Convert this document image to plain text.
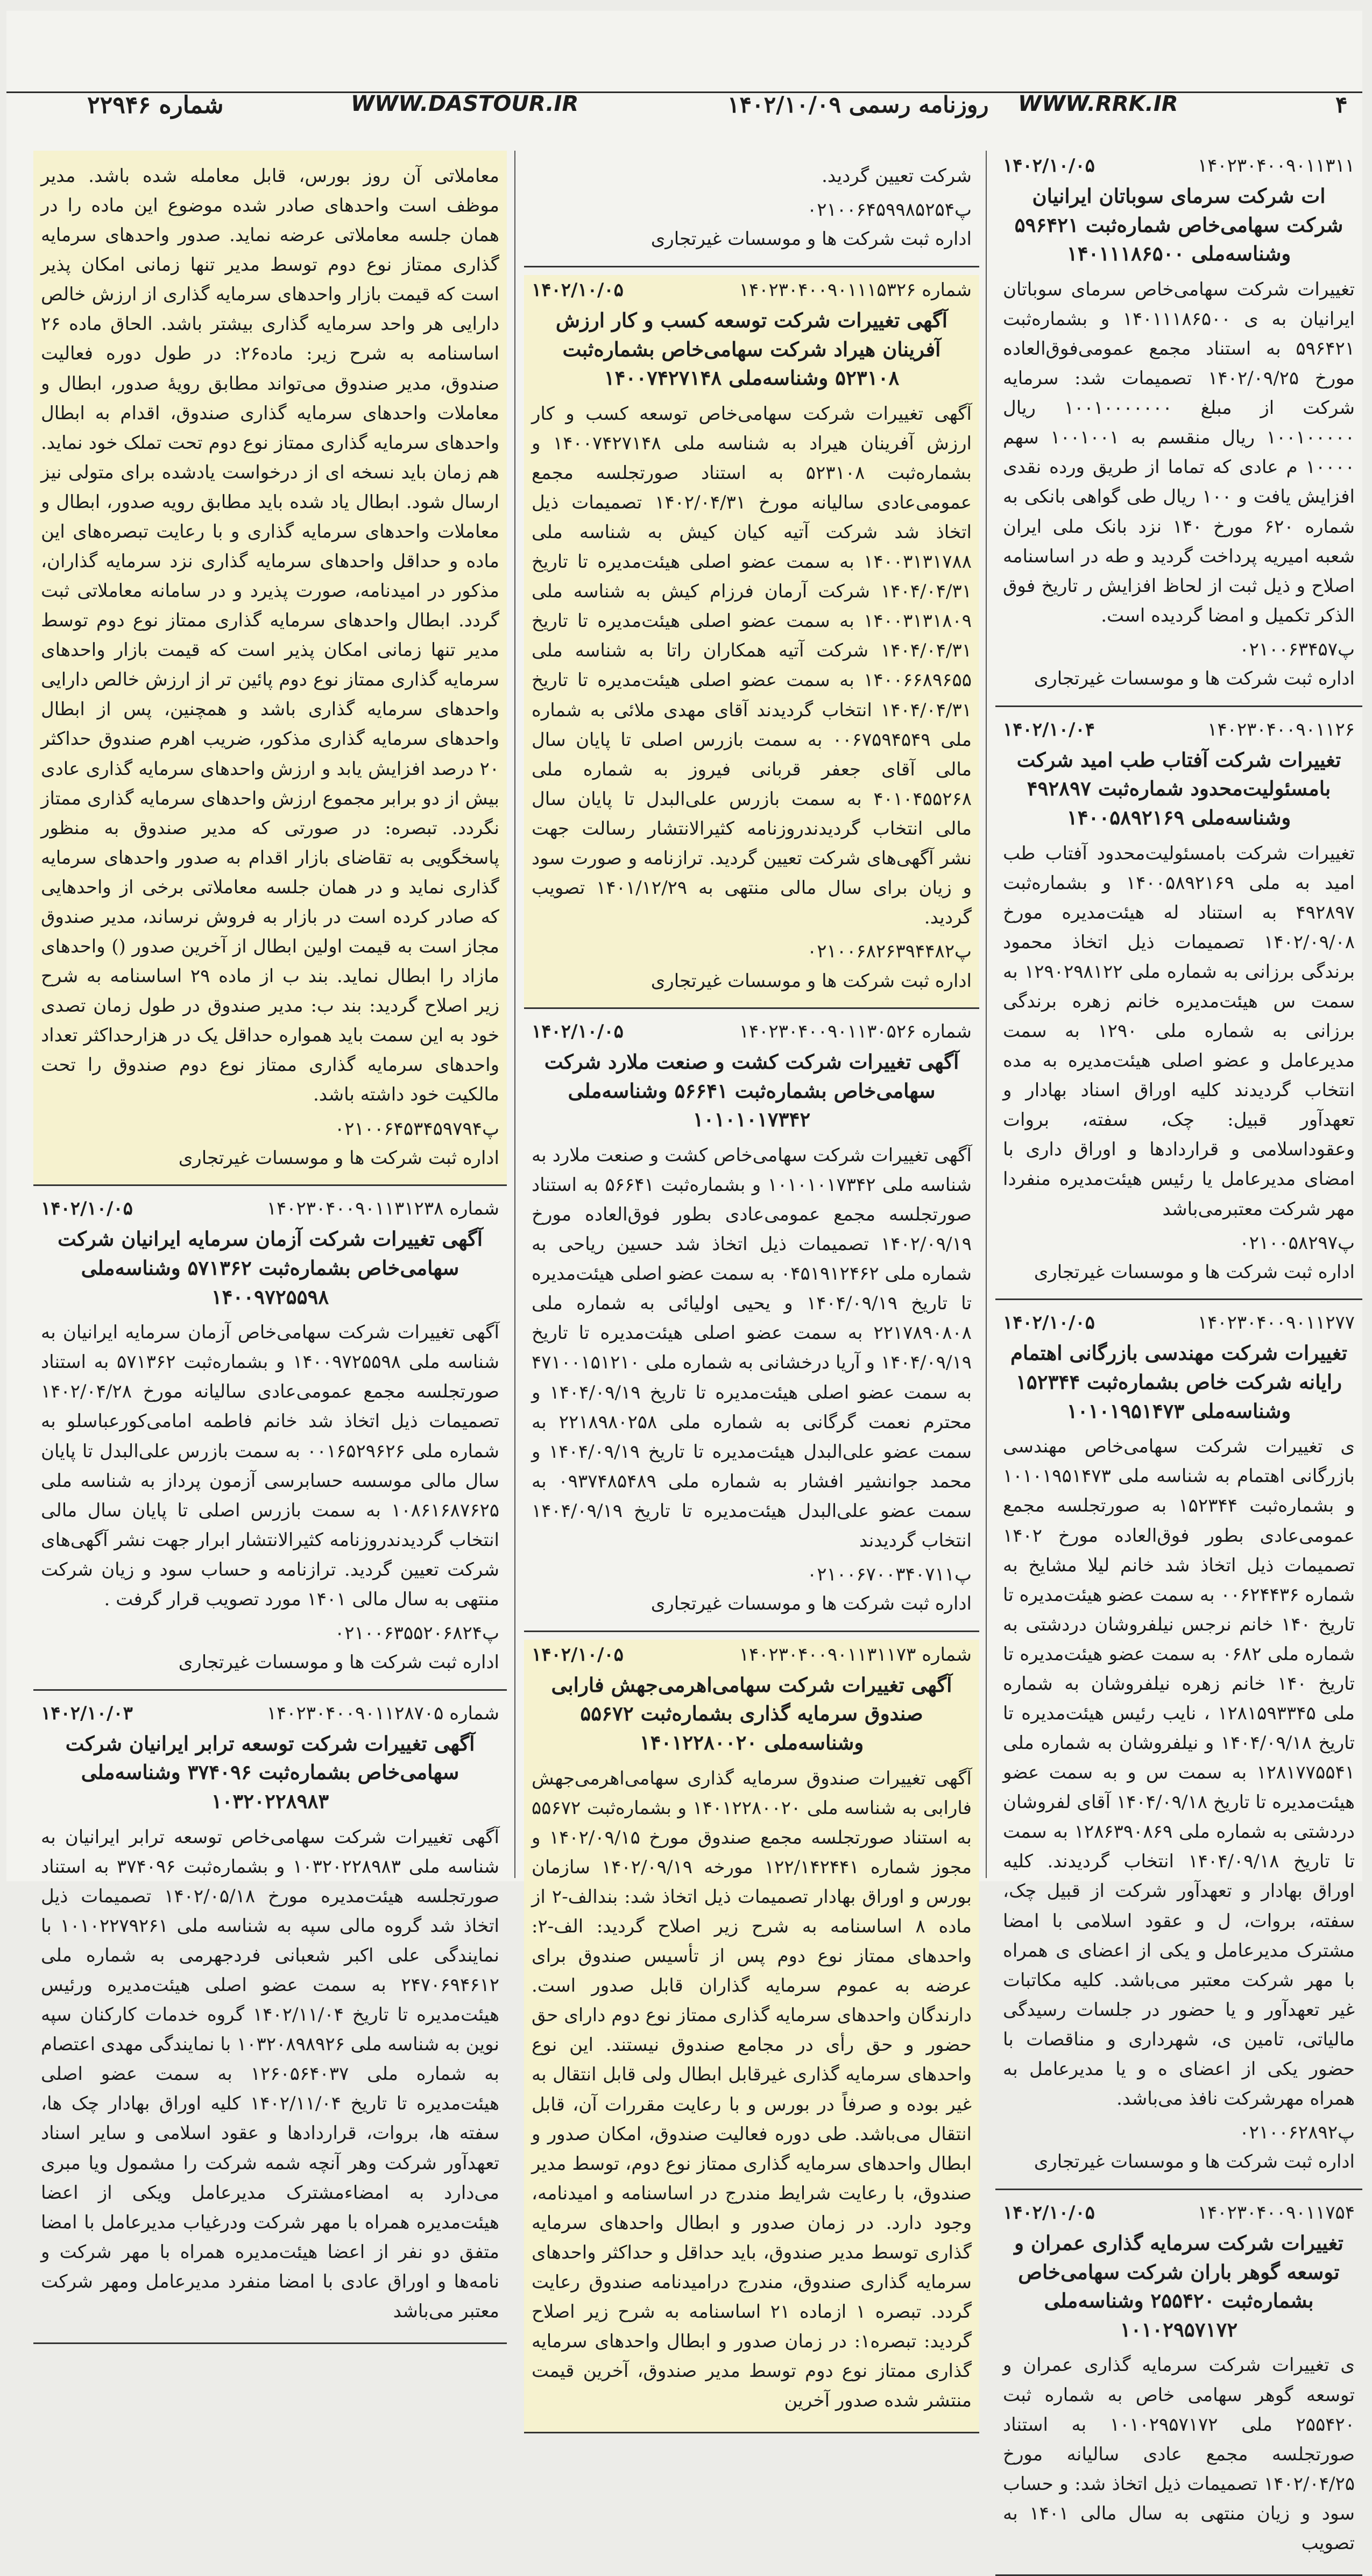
شماره ۲۲۹۴۶	WWW.DASTOUR.IR	روزنامه رسمی ۱۴۰۲/۱۰/۰۹ WWW.RRK.IR	۴
۱۴۰۲۳۰۴۰۰۹۰۱۱۳۱۱
۱۴۰۲/۱۰/۰۵
ات شرکت سرمای سوباتان ایرانیان شرکت سهامی‌خاص شماره‌ثبت ۵۹۶۴۲۱ وشناسه‌ملی ۱۴۰۱۱۱۸۶۵۰۰
تغییرات شرکت سهامی‌خاص سرمای سوباتان ایرانیان به ی ۱۴۰۱۱۱۸۶۵۰۰ و بشماره‌ثبت ۵۹۶۴۲۱ به استناد مجمع عمومی‌فوق‌العاده مورخ ۱۴۰۲/۰۹/۲۵ تصمیمات شد: سرمایه شرکت از مبلغ ۱۰۰۱۰۰۰۰۰۰۰ ریال ۱۰۰۱۰۰۰۰۰ ریال منقسم به ۱۰۰۱۰۰۱ سهم ۱۰۰۰۰ م عادی که تماما از طریق ورده نقدی افزایش یافت و ۱۰۰ ریال طی گواهی بانکی به شماره ۶۲۰ مورخ ۱۴۰ نزد بانک ملی ایران شعبه امیریه پرداخت گردید و طه در اساسنامه اصلاح و ذیل ثبت از لحاظ افزایش ر تاریخ فوق الذکر تکمیل و امضا گردیده است.
پ۰۲۱۰۰۶۳۴۵۷
اداره ثبت شرکت ها و موسسات غیرتجاری
۱۴۰۲۳۰۴۰۰۹۰۱۱۲۶
۱۴۰۲/۱۰/۰۴
تغییرات شرکت آفتاب طب امید شرکت بامسئولیت‌محدود شماره‌ثبت ۴۹۲۸۹۷ وشناسه‌ملی ۱۴۰۰۵۸۹۲۱۶۹
تغییرات شرکت بامسئولیت‌محدود آفتاب طب امید به ملی ۱۴۰۰۵۸۹۲۱۶۹ و بشماره‌ثبت ۴۹۲۸۹۷ به استناد له هیئت‌مدیره مورخ ۱۴۰۲/۰۹/۰۸ تصمیمات ذیل اتخاذ محمود برندگی برزانی به شماره ملی ۱۲۹۰۲۹۸۱۲۲ به سمت س هیئت‌مدیره خانم زهره برندگی برزانی به شماره ملی ۱۲۹۰ به سمت مدیرعامل و عضو اصلی هیئت‌مدیره به مده انتخاب گردیدند کلیه اوراق اسناد بهادار و تعهدآور قبیل: چک، سفته، بروات وعقوداسلامی و قراردادها و اوراق داری با امضای مدیرعامل یا رئیس هیئت‌مدیره منفردا مهر شرکت معتبرمی‌باشد
پ۰۲۱۰۰۵۸۲۹۷
اداره ثبت شرکت ها و موسسات غیرتجاری
۱۴۰۲۳۰۴۰۰۹۰۱۱۲۷۷
۱۴۰۲/۱۰/۰۵
تغییرات شرکت مهندسی بازرگانی اهتمام رایانه شرکت خاص بشماره‌ثبت ۱۵۲۳۴۴ وشناسه‌ملی ۱۰۱۰۱۹۵۱۴۷۳
ی تغییرات شرکت سهامی‌خاص مهندسی بازرگانی اهتمام به شناسه ملی ۱۰۱۰۱۹۵۱۴۷۳ و بشماره‌ثبت ۱۵۲۳۴۴ به صورتجلسه مجمع عمومی‌عادی بطور فوق‌العاده مورخ ۱۴۰۲ تصمیمات ذیل اتخاذ شد خانم لیلا مشایخ به شماره ۰۰۶۲۴۴۳۶ به سمت عضو هیئت‌مدیره تا تاریخ ۱۴۰ خانم نرجس نیلفروشان دردشتی به شماره ملی ۰۶۸۲ به سمت عضو هیئت‌مدیره تا تاریخ ۱۴۰ خانم زهره نیلفروشان به شماره ملی ۱۲۸۱۵۹۳۳۴۵ ، نایب رئیس هیئت‌مدیره تا تاریخ ۱۴۰۴/۰۹/۱۸ و نیلفروشان به شماره ملی ۱۲۸۱۷۷۵۵۴۱ به سمت س و به سمت عضو هیئت‌مدیره تا تاریخ ۱۴۰۴/۰۹/۱۸ آقای لفروشان دردشتی به شماره ملی ۱۲۸۶۳۹۰۸۶۹ به سمت تا تاریخ ۱۴۰۴/۰۹/۱۸ انتخاب گردیدند. کلیه اوراق بهادار و تعهدآور شرکت از قبیل چک، سفته، بروات، ل و عقود اسلامی با امضا مشترک مدیرعامل و یکی از اعضای ی همراه با مهر شرکت معتبر می‌باشد. کلیه مکاتبات غیر تعهدآور و یا حضور در جلسات رسیدگی مالیاتی، تامین ی، شهرداری و مناقصات با حضور یکی از اعضای ه و یا مدیرعامل به همراه مهرشرکت نافذ می‌باشد.
پ۰۲۱۰۰۶۲۸۹۲
اداره ثبت شرکت ها و موسسات غیرتجاری
۱۴۰۲۳۰۴۰۰۹۰۱۱۷۵۴
۱۴۰۲/۱۰/۰۵
تغییرات شرکت سرمایه گذاری عمران و توسعه گوهر باران شرکت سهامی‌خاص بشماره‌ثبت ۲۵۵۴۲۰ وشناسه‌ملی ۱۰۱۰۲۹۵۷۱۷۲
ی تغییرات شرکت سرمایه گذاری عمران و توسعه گوهر سهامی خاص به شماره ثبت ۲۵۵۴۲۰ ملی ۱۰۱۰۲۹۵۷۱۷۲ به استناد صورتجلسه مجمع عادی سالیانه مورخ ۱۴۰۲/۰۴/۲۵ تصمیمات ذیل اتخاذ شد: و حساب سود و زیان منتهی به سال مالی ۱۴۰۱ به تصویب
شرکت تعیین گردید.
پ۰۲۱۰۰۶۴۵۹۹۸۵۲۵۴
اداره ثبت شرکت ها و موسسات غیرتجاری
شماره ۱۴۰۲۳۰۴۰۰۹۰۱۱۱۵۳۲۶
۱۴۰۲/۱۰/۰۵
آگهی تغییرات شرکت توسعه کسب و کار ارزش آفرینان هیراد شرکت سهامی‌خاص بشماره‌ثبت ۵۲۳۱۰۸ وشناسه‌ملی ۱۴۰۰۷۴۲۷۱۴۸
آگهی تغییرات شرکت سهامی‌خاص توسعه کسب و کار ارزش آفرینان هیراد به شناسه ملی ۱۴۰۰۷۴۲۷۱۴۸ و بشماره‌ثبت ۵۲۳۱۰۸ به استناد صورتجلسه مجمع عمومی‌عادی سالیانه مورخ ۱۴۰۲/۰۴/۳۱ تصمیمات ذیل اتخاذ شد شرکت آتیه کیان کیش به شناسه ملی ۱۴۰۰۳۱۳۱۷۸۸ به سمت عضو اصلی هیئت‌مدیره تا تاریخ ۱۴۰۴/۰۴/۳۱ شرکت آرمان فرزام کیش به شناسه ملی ۱۴۰۰۳۱۳۱۸۰۹ به سمت عضو اصلی هیئت‌مدیره تا تاریخ ۱۴۰۴/۰۴/۳۱ شرکت آتیه همکاران راتا به شناسه ملی ۱۴۰۰۶۶۸۹۶۵۵ به سمت عضو اصلی هیئت‌مدیره تا تاریخ ۱۴۰۴/۰۴/۳۱ انتخاب گردیدند آقای مهدی ملائی به شماره ملی ۰۰۶۷۵۹۴۵۴۹ به سمت بازرس اصلی تا پایان سال مالی آقای جعفر قربانی فیروز به شماره ملی ۴۰۱۰۴۵۵۲۶۸ به سمت بازرس علی‌البدل تا پایان سال مالی انتخاب گردیدندروزنامه کثیرالانتشار رسالت جهت نشر آگهی‌های شرکت تعیین گردید. ترازنامه و صورت سود و زیان برای سال مالی منتهی به ۱۴۰۱/۱۲/۲۹ تصویب گردید.
پ۰۲۱۰۰۶۸۲۶۳۹۴۴۸۲
اداره ثبت شرکت ها و موسسات غیرتجاری
شماره ۱۴۰۲۳۰۴۰۰۹۰۱۱۳۰۵۲۶
۱۴۰۲/۱۰/۰۵
آگهی تغییرات شرکت کشت و صنعت ملارد شرکت سهامی‌خاص بشماره‌ثبت ۵۶۶۴۱ وشناسه‌ملی ۱۰۱۰۱۰۱۷۳۴۲
آگهی تغییرات شرکت سهامی‌خاص کشت و صنعت ملارد به شناسه ملی ۱۰۱۰۱۰۱۷۳۴۲ و بشماره‌ثبت ۵۶۶۴۱ به استناد صورتجلسه مجمع عمومی‌عادی بطور فوق‌العاده مورخ ۱۴۰۲/۰۹/۱۹ تصمیمات ذیل اتخاذ شد حسین ریاحی به شماره ملی ۰۴۵۱۹۱۲۴۶۲ به سمت عضو اصلی هیئت‌مدیره تا تاریخ ۱۴۰۴/۰۹/۱۹ و یحیی اولیائی به شماره ملی ۲۲۱۷۸۹۰۸۰۸ به سمت عضو اصلی هیئت‌مدیره تا تاریخ ۱۴۰۴/۰۹/۱۹ و آریا درخشانی به شماره ملی ۴۷۱۰۰۱۵۱۲۱۰ به سمت عضو اصلی هیئت‌مدیره تا تاریخ ۱۴۰۴/۰۹/۱۹ و محترم نعمت گرگانی به شماره ملی ۲۲۱۸۹۸۰۲۵۸ به سمت عضو علی‌البدل هیئت‌مدیره تا تاریخ ۱۴۰۴/۰۹/۱۹ و محمد جوانشیر افشار به شماره ملی ۰۹۳۷۴۸۵۴۸۹ به سمت عضو علی‌البدل هیئت‌مدیره تا تاریخ ۱۴۰۴/۰۹/۱۹ انتخاب گردیدند
پ۰۲۱۰۰۶۷۰۰۳۴۰۷۱۱
اداره ثبت شرکت ها و موسسات غیرتجاری
شماره ۱۴۰۲۳۰۴۰۰۹۰۱۱۳۱۱۷۳
۱۴۰۲/۱۰/۰۵
آگهی تغییرات شرکت سهامی‌اهرمی‌جهش فارابی صندوق سرمایه گذاری بشماره‌ثبت ۵۵۶۷۲ وشناسه‌ملی ۱۴۰۱۲۲۸۰۰۲۰
آگهی تغییرات صندوق سرمایه گذاری سهامی‌اهرمی‌جهش فارابی به شناسه ملی ۱۴۰۱۲۲۸۰۰۲۰ و بشماره‌ثبت ۵۵۶۷۲ به استناد صورتجلسه مجمع صندوق مورخ ۱۴۰۲/۰۹/۱۵ و مجوز شماره ۱۲۲/۱۴۲۴۴۱ مورخه ۱۴۰۲/۰۹/۱۹ سازمان بورس و اوراق بهادار تصمیمات ذیل اتخاذ شد: بندالف-۲ از ماده ۸ اساسنامه به شرح زیر اصلاح گردید: الف-۲: واحدهای ممتاز نوع دوم پس از تأسیس صندوق برای عرضه به عموم سرمایه گذاران قابل صدور است. دارندگان واحدهای سرمایه گذاری ممتاز نوع دوم دارای حق حضور و حق رأی در مجامع صندوق نیستند. این نوع واحدهای سرمایه گذاری غیرقابل ابطال ولی قابل انتقال به غیر بوده و صرفاً در بورس و با رعایت مقررات آن، قابل انتقال می‌باشد. طی دوره فعالیت صندوق، امکان صدور و ابطال واحدهای سرمایه گذاری ممتاز نوع دوم، توسط مدیر صندوق، با رعایت شرایط مندرج در اساسنامه و امیدنامه، وجود دارد. در زمان صدور و ابطال واحدهای سرمایه گذاری توسط مدیر صندوق، باید حداقل و حداکثر واحدهای سرمایه گذاری صندوق، مندرج درامیدنامه صندوق رعایت گردد. تبصره ۱ ازماده ۲۱ اساسنامه به شرح زیر اصلاح گردید: تبصره۱: در زمان صدور و ابطال واحدهای سرمایه گذاری ممتاز نوع دوم توسط مدیر صندوق، آخرین قیمت منتشر شده صدور آخرین
معاملاتی آن روز بورس، قابل معامله شده باشد. مدیر موظف است واحدهای صادر شده موضوع این ماده را در همان جلسه معاملاتی عرضه نماید. صدور واحدهای سرمایه گذاری ممتاز نوع دوم توسط مدیر تنها زمانی امکان پذیر است که قیمت بازار واحدهای سرمایه گذاری از ارزش خالص دارایی هر واحد سرمایه گذاری بیشتر باشد. الحاق ماده ۲۶ اساسنامه به شرح زیر: ماده۲۶: در طول دوره فعالیت صندوق، مدیر صندوق می‌تواند مطابق رویهٔ صدور، ابطال و معاملات واحدهای سرمایه گذاری صندوق، اقدام به ابطال واحدهای سرمایه گذاری ممتاز نوع دوم تحت تملک خود نماید. هم زمان باید نسخه ای از درخواست یادشده برای متولی نیز ارسال شود. ابطال یاد شده باید مطابق رویه صدور، ابطال و معاملات واحدهای سرمایه گذاری و با رعایت تبصره‌های این ماده و حداقل واحدهای سرمایه گذاری نزد سرمایه گذاران، مذکور در امیدنامه، صورت پذیرد و در سامانه معاملاتی ثبت گردد. ابطال واحدهای سرمایه گذاری ممتاز نوع دوم توسط مدیر تنها زمانی امکان پذیر است که قیمت بازار واحدهای سرمایه گذاری ممتاز نوع دوم پائین تر از ارزش خالص دارایی واحدهای سرمایه گذاری باشد و همچنین، پس از ابطال واحدهای سرمایه گذاری مذکور، ضریب اهرم صندوق حداکثر ۲۰ درصد افزایش یابد و ارزش واحدهای سرمایه گذاری عادی بیش از دو برابر مجموع ارزش واحدهای سرمایه گذاری ممتاز نگردد. تبصره: در صورتی که مدیر صندوق به منظور پاسخگویی به تقاضای بازار اقدام به صدور واحدهای سرمایه گذاری نماید و در همان جلسه معاملاتی برخی از واحدهایی که صادر کرده است در بازار به فروش نرساند، مدیر صندوق مجاز است به قیمت اولین ابطال از آخرین صدور () واحدهای مازاد را ابطال نماید. بند ب از ماده ۲۹ اساسنامه به شرح زیر اصلاح گردید: بند ب: مدیر صندوق در طول زمان تصدی خود به این سمت باید همواره حداقل یک در هزارحداکثر تعداد واحدهای سرمایه گذاری ممتاز نوع دوم صندوق را تحت مالکیت خود داشته باشد.
پ۰۲۱۰۰۶۴۵۳۴۵۹۷۹۴
اداره ثبت شرکت ها و موسسات غیرتجاری
شماره ۱۴۰۲۳۰۴۰۰۹۰۱۱۳۱۲۳۸
۱۴۰۲/۱۰/۰۵
آگهی تغییرات شرکت آزمان سرمایه ایرانیان شرکت سهامی‌خاص بشماره‌ثبت ۵۷۱۳۶۲ وشناسه‌ملی ۱۴۰۰۹۷۲۵۵۹۸
آگهی تغییرات شرکت سهامی‌خاص آزمان سرمایه ایرانیان به شناسه ملی ۱۴۰۰۹۷۲۵۵۹۸ و بشماره‌ثبت ۵۷۱۳۶۲ به استناد صورتجلسه مجمع عمومی‌عادی سالیانه مورخ ۱۴۰۲/۰۴/۲۸ تصمیمات ذیل اتخاذ شد خانم فاطمه امامی‌کورعباسلو به شماره ملی ۰۰۱۶۵۲۹۶۲۶ به سمت بازرس علی‌البدل تا پایان سال مالی موسسه حسابرسی آزمون پرداز به شناسه ملی ۱۰۸۶۱۶۸۷۶۲۵ به سمت بازرس اصلی تا پایان سال مالی انتخاب گردیدندروزنامه کثیرالانتشار ابرار جهت نشر آگهی‌های شرکت تعیین گردید. ترازنامه و حساب سود و زیان شرکت منتهی به سال مالی ۱۴۰۱ مورد تصویب قرار گرفت .
پ۰۲۱۰۰۶۳۵۵۲۰۶۸۲۴
اداره ثبت شرکت ها و موسسات غیرتجاری
شماره ۱۴۰۲۳۰۴۰۰۹۰۱۱۲۸۷۰۵
۱۴۰۲/۱۰/۰۳
آگهی تغییرات شرکت توسعه ترابر ایرانیان شرکت سهامی‌خاص بشماره‌ثبت ۳۷۴۰۹۶ وشناسه‌ملی ۱۰۳۲۰۲۲۸۹۸۳
آگهی تغییرات شرکت سهامی‌خاص توسعه ترابر ایرانیان به شناسه ملی ۱۰۳۲۰۲۲۸۹۸۳ و بشماره‌ثبت ۳۷۴۰۹۶ به استناد صورتجلسه هیئت‌مدیره مورخ ۱۴۰۲/۰۵/۱۸ تصمیمات ذیل اتخاذ شد گروه مالی سپه به شناسه ملی ۱۰۱۰۲۲۷۹۲۶۱ با نمایندگی علی اکبر شعبانی فردجهرمی به شماره ملی ۲۴۷۰۶۹۴۶۱۲ به سمت عضو اصلی هیئت‌مدیره ورئیس هیئت‌مدیره تا تاریخ ۱۴۰۲/۱۱/۰۴ گروه خدمات کارکنان سپه نوین به شناسه ملی ۱۰۳۲۰۸۹۸۹۲۶ با نمایندگی مهدی اعتصام به شماره ملی ۱۲۶۰۵۶۴۰۳۷ به سمت عضو اصلی هیئت‌مدیره تا تاریخ ۱۴۰۲/۱۱/۰۴ کلیه اوراق بهادار چک ها، سفته ها، بروات، قراردادها و عقود اسلامی و سایر اسناد تعهدآور شرکت وهر آنچه شمه شرکت را مشمول ویا مبری می‌دارد به امضاءمشترک مدیرعامل ویکی از اعضا هیئت‌مدیره همراه با مهر شرکت ودرغیاب مدیرعامل با امضا متفق دو نفر از اعضا هیئت‌مدیره همراه با مهر شرکت و نامه‌ها و اوراق عادی با امضا منفرد مدیرعامل ومهر شرکت معتبر می‌باشد
